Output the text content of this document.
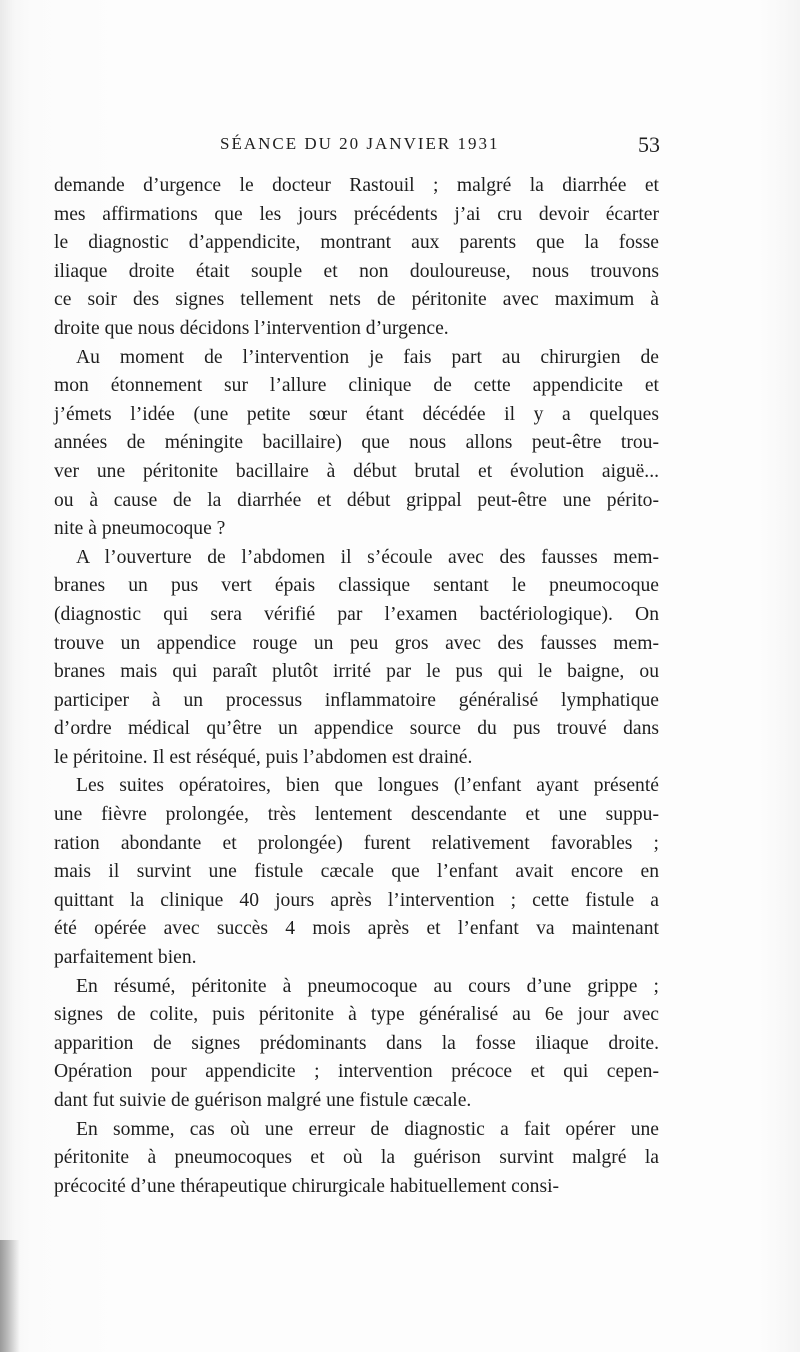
SÉANCE DU 20 JANVIER 1931	53
demande d’urgence le docteur Rastouil ; malgré la diarrhée et
mes affirmations que les jours précédents j’ai cru devoir écarter
le diagnostic d’appendicite, montrant aux parents que la fosse
iliaque droite était souple et non douloureuse, nous trouvons
ce soir des signes tellement nets de péritonite avec maximum à
droite que nous décidons l’intervention d’urgence.
Au moment de l’intervention je fais part au chirurgien de
mon étonnement sur l’allure clinique de cette appendicite et
j’émets l’idée (une petite sœur étant décédée il y a quelques
années de méningite bacillaire) que nous allons peut-être trou-
ver une péritonite bacillaire à début brutal et évolution aiguë...
ou à cause de la diarrhée et début grippal peut-être une périto-
nite à pneumocoque ?
A l’ouverture de l’abdomen il s’écoule avec des fausses mem-
branes un pus vert épais classique sentant le pneumocoque
(diagnostic qui sera vérifié par l’examen bactériologique). On
trouve un appendice rouge un peu gros avec des fausses mem-
branes mais qui paraît plutôt irrité par le pus qui le baigne, ou
participer à un processus inflammatoire généralisé lymphatique
d’ordre médical qu’être un appendice source du pus trouvé dans
le péritoine. Il est réséqué, puis l’abdomen est drainé.
Les suites opératoires, bien que longues (l’enfant ayant présenté
une fièvre prolongée, très lentement descendante et une suppu-
ration abondante et prolongée) furent relativement favorables ;
mais il survint une fistule cæcale que l’enfant avait encore en
quittant la clinique 40 jours après l’intervention ; cette fistule a
été opérée avec succès 4 mois après et l’enfant va maintenant
parfaitement bien.
En résumé, péritonite à pneumocoque au cours d’une grippe ;
signes de colite, puis péritonite à type généralisé au 6e jour avec
apparition de signes prédominants dans la fosse iliaque droite.
Opération pour appendicite ; intervention précoce et qui cepen-
dant fut suivie de guérison malgré une fistule cæcale.
En somme, cas où une erreur de diagnostic a fait opérer une
péritonite à pneumocoques et où la guérison survint malgré la
précocité d’une thérapeutique chirurgicale habituellement consi-
